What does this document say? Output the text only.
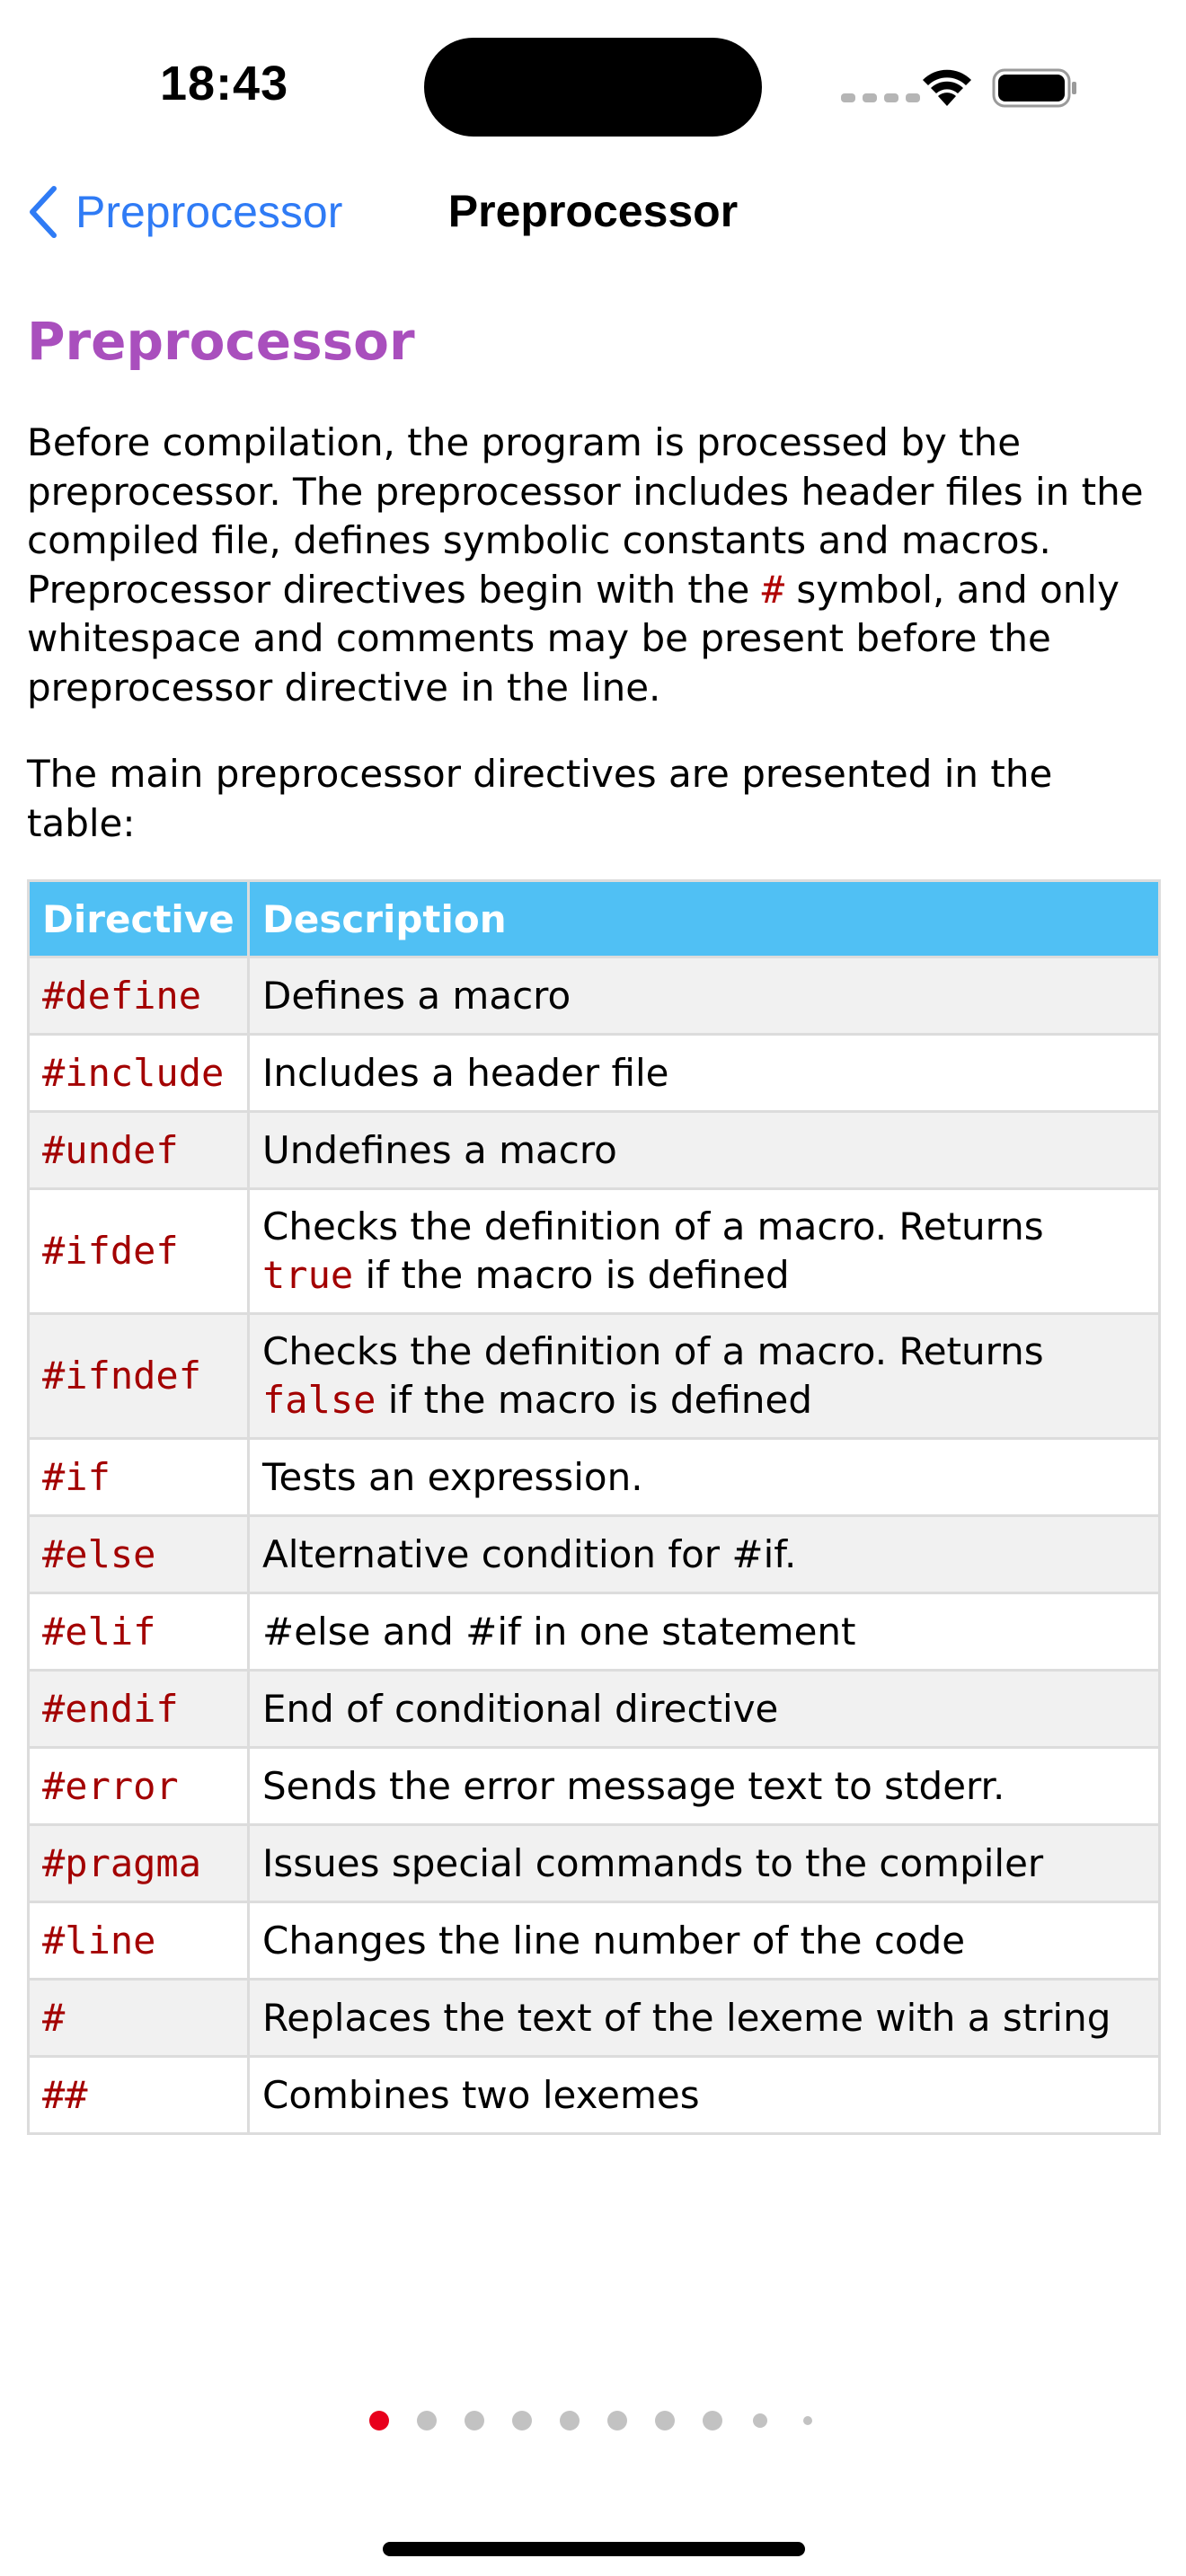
18:43
Preprocessor	Preprocessor
Preprocessor

Before compilation, the program is processed by the preprocessor. The preprocessor includes header files in the compiled file, defines symbolic constants and macros. Preprocessor directives begin with the # symbol, and only whitespace and comments may be present before the preprocessor directive in the line.

The main preprocessor directives are presented in the table:

Directive	Description
#define	Defines a macro
#include	Includes a header file
#undef	Undefines a macro
#ifdef	Checks the definition of a macro. Returns true if the macro is defined
#ifndef	Checks the definition of a macro. Returns false if the macro is defined
#if	Tests an expression.
#else	Alternative condition for #if.
#elif	#else and #if in one statement
#endif	End of conditional directive
#error	Sends the error message text to stderr.
#pragma	Issues special commands to the compiler
#line	Changes the line number of the code
#	Replaces the text of the lexeme with a string
##	Combines two lexemes
